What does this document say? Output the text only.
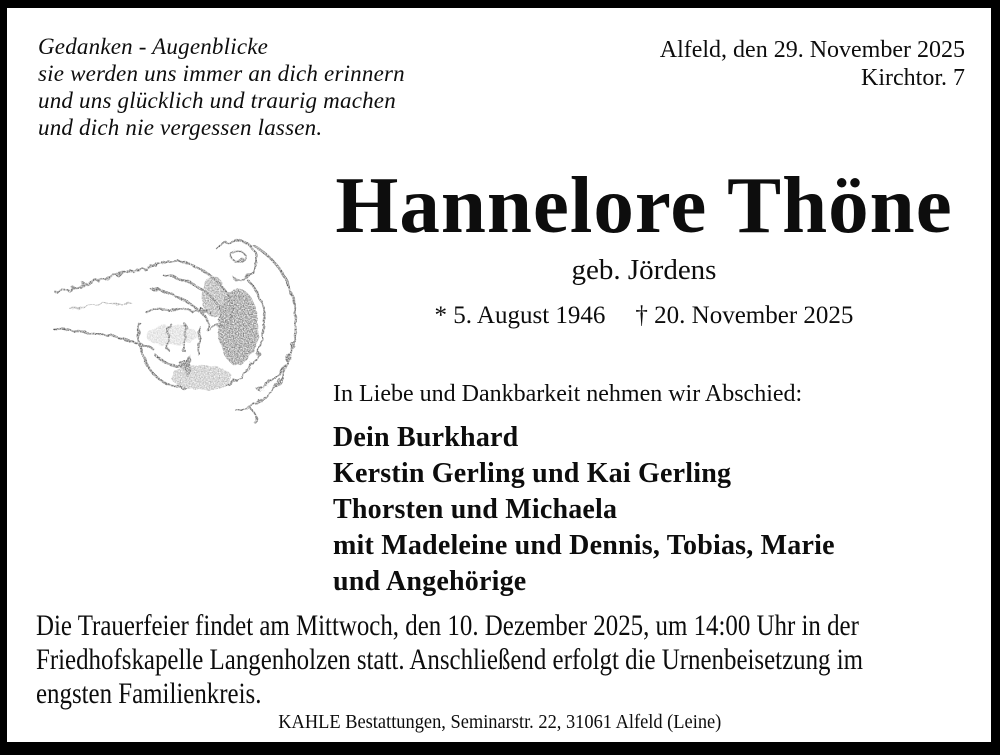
Gedanken - Augenblicke
sie werden uns immer an dich erinnern
und uns glücklich und traurig machen
und dich nie vergessen lassen.
Alfeld, den 29. November 2025
Kirchtor. 7
Hannelore Thöne
geb. Jördens
* 5. August 1946 † 20. November 2025
In Liebe und Dankbarkeit nehmen wir Abschied:
Dein Burkhard
Kerstin Gerling und Kai Gerling
Thorsten und Michaela
mit Madeleine und Dennis, Tobias, Marie
und Angehörige
Die Trauerfeier findet am Mittwoch, den 10. Dezember 2025, um 14:00 Uhr in der
Friedhofskapelle Langenholzen statt. Anschließend erfolgt die Urnenbeisetzung im
engsten Familienkreis.
KAHLE Bestattungen, Seminarstr. 22, 31061 Alfeld (Leine)
